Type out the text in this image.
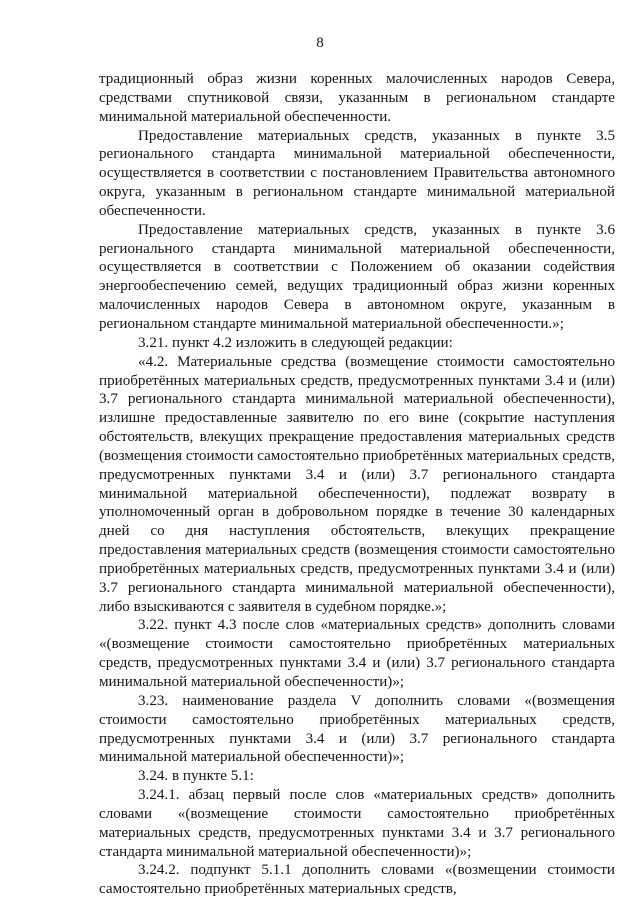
8

традиционный образ жизни коренных малочисленных народов Севера, средствами спутниковой связи, указанным в региональном стандарте минимальной материальной обеспеченности.

Предоставление материальных средств, указанных в пункте 3.5 регионального стандарта минимальной материальной обеспеченности, осуществляется в соответствии с постановлением Правительства автономного округа, указанным в региональном стандарте минимальной материальной обеспеченности.

Предоставление материальных средств, указанных в пункте 3.6 регионального стандарта минимальной материальной обеспеченности, осуществляется в соответствии с Положением об оказании содействия энергообеспечению семей, ведущих традиционный образ жизни коренных малочисленных народов Севера в автономном округе, указанным в региональном стандарте минимальной материальной обеспеченности.»;

3.21. пункт 4.2 изложить в следующей редакции:

«4.2. Материальные средства (возмещение стоимости самостоятельно приобретённых материальных средств, предусмотренных пунктами 3.4 и (или) 3.7 регионального стандарта минимальной материальной обеспеченности), излишне предоставленные заявителю по его вине (сокрытие наступления обстоятельств, влекущих прекращение предоставления материальных средств (возмещения стоимости самостоятельно приобретённых материальных средств, предусмотренных пунктами 3.4 и (или) 3.7 регионального стандарта минимальной материальной обеспеченности), подлежат возврату в уполномоченный орган в добровольном порядке в течение 30 календарных дней со дня наступления обстоятельств, влекущих прекращение предоставления материальных средств (возмещения стоимости самостоятельно приобретённых материальных средств, предусмотренных пунктами 3.4 и (или) 3.7 регионального стандарта минимальной материальной обеспеченности), либо взыскиваются с заявителя в судебном порядке.»;

3.22. пункт 4.3 после слов «материальных средств» дополнить словами «(возмещение стоимости самостоятельно приобретённых материальных средств, предусмотренных пунктами 3.4 и (или) 3.7 регионального стандарта минимальной материальной обеспеченности)»;

3.23. наименование раздела V дополнить словами «(возмещения стоимости самостоятельно приобретённых материальных средств, предусмотренных пунктами 3.4 и (или) 3.7 регионального стандарта минимальной материальной обеспеченности)»;

3.24. в пункте 5.1:

3.24.1. абзац первый после слов «материальных средств» дополнить словами «(возмещение стоимости самостоятельно приобретённых материальных средств, предусмотренных пунктами 3.4 и 3.7 регионального стандарта минимальной материальной обеспеченности)»;

3.24.2. подпункт 5.1.1 дополнить словами «(возмещении стоимости самостоятельно приобретённых материальных средств,
